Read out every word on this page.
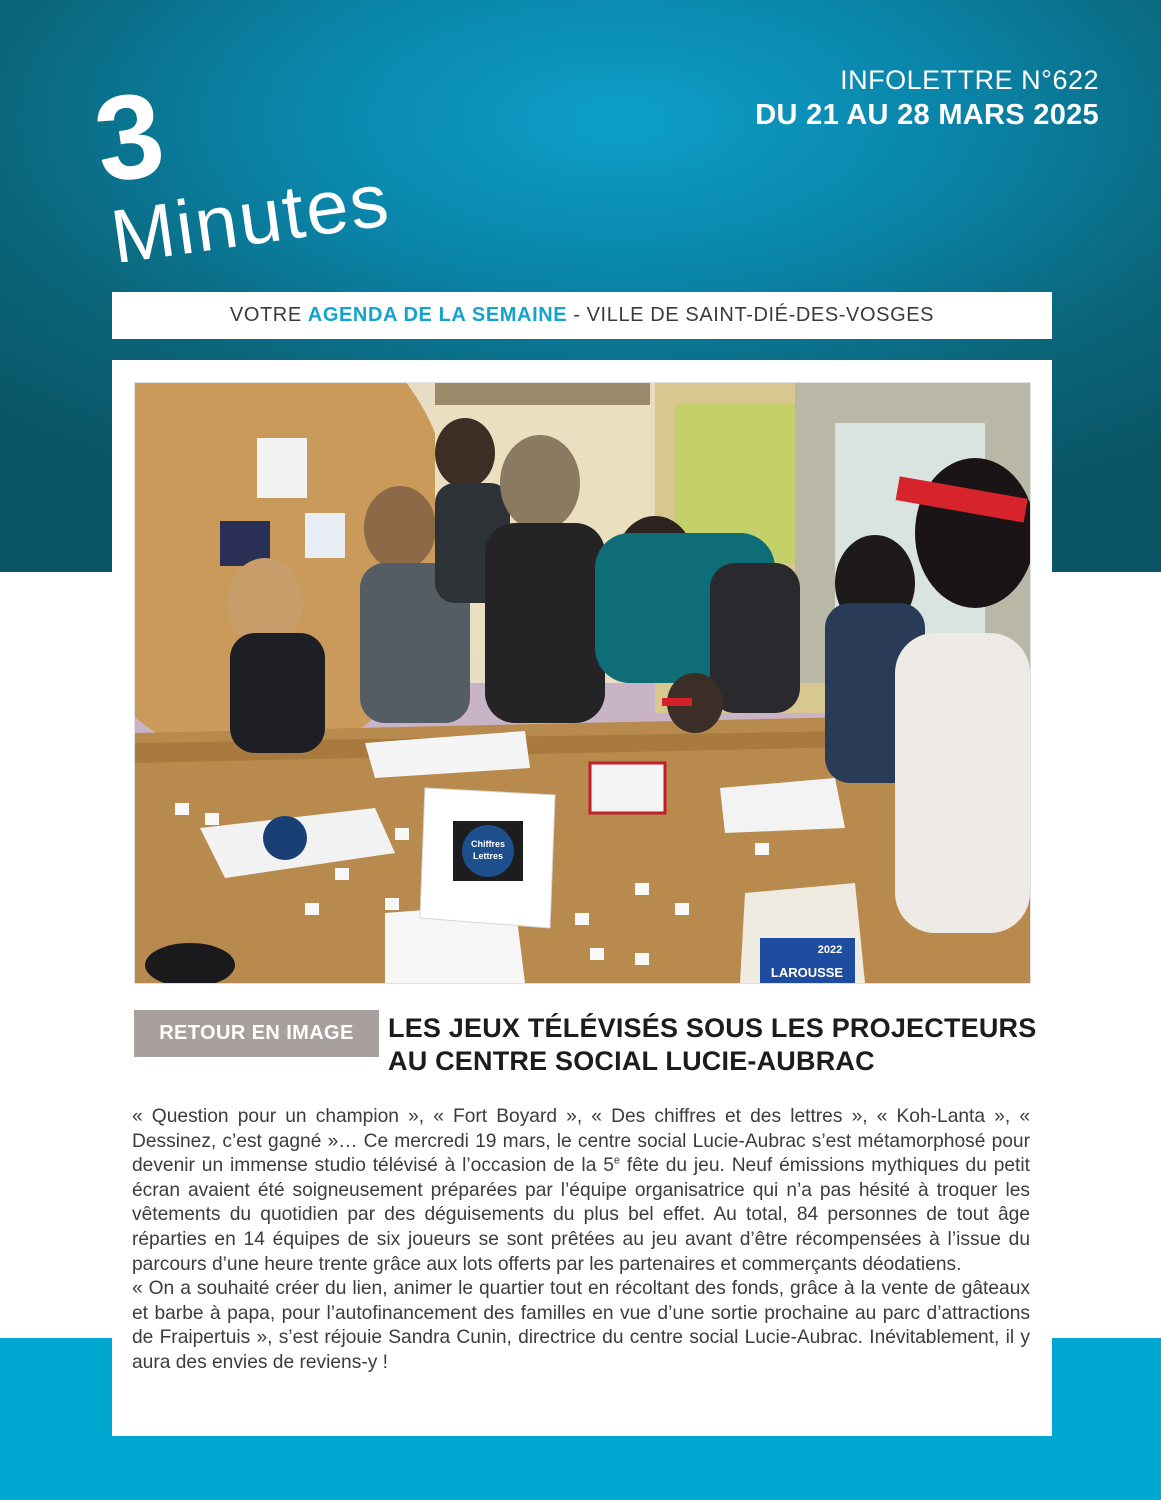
3
Minutes
INFOLETTRE N°622
DU 21 AU 28 MARS 2025
VOTRE AGENDA DE LA SEMAINE - VILLE DE SAINT-DIÉ-DES-VOSGES
Chiffres
Lettres
2022
LAROUSSE
RETOUR EN IMAGE	LES JEUX TÉLÉVISÉS SOUS LES PROJECTEURS
AU CENTRE SOCIAL LUCIE-AUBRAC

« Question pour un champion », « Fort Boyard », « Des chiffres et des lettres », « Koh-Lanta », « Dessinez, c’est gagné »… Ce mercredi 19 mars, le centre social Lucie-Aubrac s’est métamorphosé pour devenir un immense studio télévisé à l’occasion de la 5e fête du jeu. Neuf émissions mythiques du petit écran avaient été soigneusement préparées par l’équipe organisatrice qui n’a pas hésité à troquer les vêtements du quotidien par des déguisements du plus bel effet. Au total, 84 personnes de tout âge réparties en 14 équipes de six joueurs se sont prêtées au jeu avant d’être récompensées à l’issue du parcours d’une heure trente grâce aux lots offerts par les partenaires et commerçants déodatiens.

« On a souhaité créer du lien, animer le quartier tout en récoltant des fonds, grâce à la vente de gâteaux et barbe à papa, pour l’autofinancement des familles en vue d’une sortie prochaine au parc d’attractions de Fraipertuis », s’est réjouie Sandra Cunin, directrice du centre social Lucie-Aubrac. Inévitablement, il y aura des envies de reviens-y !
